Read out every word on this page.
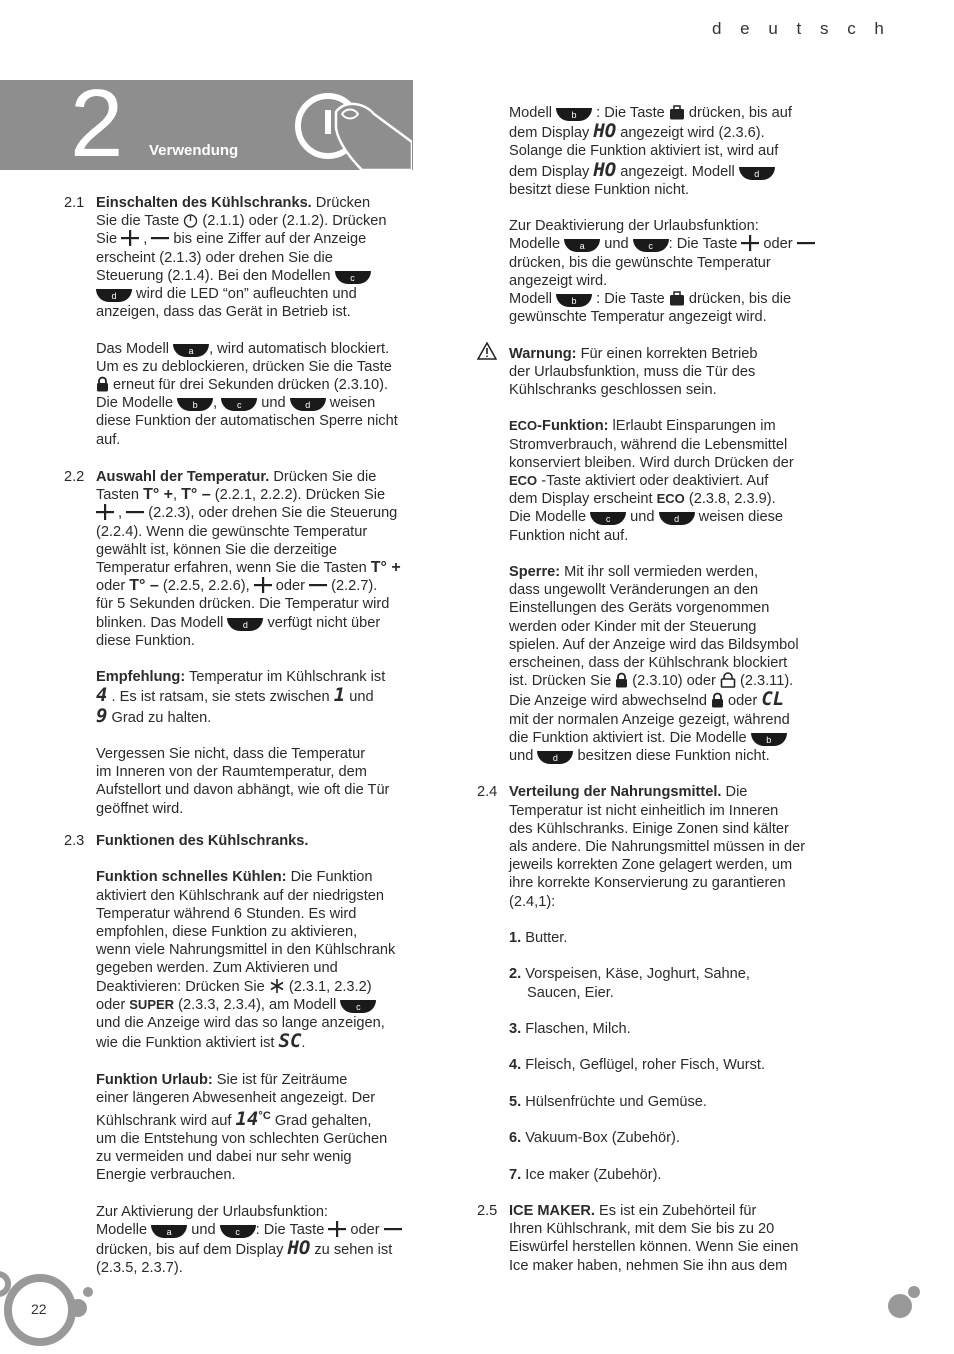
d e u t s c h
2 Verwendung
2.1 Einschalten des Kühlschranks. Drücken

Sie die Taste  (2.1.1) oder (2.1.2). Drücken

Sie  ,  bis eine Ziffer auf der Anzeige

erscheint (2.1.3) oder drehen Sie die

Steuerung (2.1.4). Bei den Modellen c

d wird die LED “on” aufleuchten und

anzeigen, dass das Gerät in Betrieb ist.

Das Modell a , wird automatisch blockiert.

Um es zu deblockieren, drücken Sie die Taste

erneut für drei Sekunden drücken (2.3.10).

Die Modelle b , c und d weisen

diese Funktion der automatischen Sperre nicht

auf.

2.2 Auswahl der Temperatur. Drücken Sie die

Tasten T° +, T° – (2.2.1, 2.2.2). Drücken Sie

,  (2.2.3), oder drehen Sie die Steuerung

(2.2.4). Wenn die gewünschte Temperatur

gewählt ist, können Sie die derzeitige

Temperatur erfahren, wenn Sie die Tasten T° +

oder T° – (2.2.5, 2.2.6),  oder  (2.2.7).

für 5 Sekunden drücken. Die Temperatur wird

blinken. Das Modell d verfügt nicht über

diese Funktion.

Empfehlung: Temperatur im Kühlschrank ist

4 . Es ist ratsam, sie stets zwischen 1 und

9 Grad zu halten.

Vergessen Sie nicht, dass die Temperatur

im Inneren von der Raumtemperatur, dem

Aufstellort und davon abhängt, wie oft die Tür

geöffnet wird.

2.3 Funktionen des Kühlschranks.

Funktion schnelles Kühlen: Die Funktion

aktiviert den Kühlschrank auf der niedrigsten

Temperatur während 6 Stunden. Es wird

empfohlen, diese Funktion zu aktivieren,

wenn viele Nahrungsmittel in den Kühlschrank

gegeben werden. Zum Aktivieren und

Deaktivieren: Drücken Sie  (2.3.1, 2.3.2)

oder SUPER (2.3.3, 2.3.4), am Modell c

und die Anzeige wird das so lange anzeigen,

wie die Funktion aktiviert ist SC.

Funktion Urlaub: Sie ist für Zeiträume

einer längeren Abwesenheit angezeigt. Der

Kühlschrank wird auf $14^{^\circ C}$ Grad gehalten,

um die Entstehung von schlechten Gerüchen

zu vermeiden und dabei nur sehr wenig

Energie verbrauchen.

Zur Aktivierung der Urlaubsfunktion:

Modelle a und c : Die Taste  oder

drücken, bis auf dem Display HO zu sehen ist

(2.3.5, 2.3.7).

Modell b : Die Taste  drücken, bis auf

dem Display HO angezeigt wird (2.3.6).

Solange die Funktion aktiviert ist, wird auf

dem Display HO angezeigt. Modell d

besitzt diese Funktion nicht.

Zur Deaktivierung der Urlaubsfunktion:

Modelle a und c : Die Taste  oder

drücken, bis die gewünschte Temperatur

angezeigt wird.

Modell b : Die Taste  drücken, bis die

gewünschte Temperatur angezeigt wird.

Warnung: Für einen korrekten Betrieb

der Urlaubsfunktion, muss die Tür des

Kühlschranks geschlossen sein.

ECO-Funktion: lErlaubt Einsparungen im

Stromverbrauch, während die Lebensmittel

konserviert bleiben. Wird durch Drücken der

ECO -Taste aktiviert oder deaktiviert. Auf

dem Display erscheint ECO (2.3.8, 2.3.9).

Die Modelle c und d weisen diese

Funktion nicht auf.

Sperre: Mit ihr soll vermieden werden,

dass ungewollt Veränderungen an den

Einstellungen des Geräts vorgenommen

werden oder Kinder mit der Steuerung

spielen. Auf der Anzeige wird das Bildsymbol

erscheinen, dass der Kühlschrank blockiert

ist. Drücken Sie  (2.3.10) oder  (2.3.11).

Die Anzeige wird abwechselnd  oder CL

mit der normalen Anzeige gezeigt, während

die Funktion aktiviert ist. Die Modelle b

und d besitzen diese Funktion nicht.

2.4 Verteilung der Nahrungsmittel. Die

Temperatur ist nicht einheitlich im Inneren

des Kühlschranks. Einige Zonen sind kälter

als andere. Die Nahrungsmittel müssen in der

jeweils korrekten Zone gelagert werden, um

ihre korrekte Konservierung zu garantieren

(2.4,1):

1. Butter.

2. Vorspeisen, Käse, Joghurt, Sahne,

Saucen, Eier.

3. Flaschen, Milch.

4. Fleisch, Geflügel, roher Fisch, Wurst.

5. Hülsenfrüchte und Gemüse.

6. Vakuum-Box (Zubehör).

7. Ice maker (Zubehör).

2.5 ICE MAKER. Es ist ein Zubehörteil für

Ihren Kühlschrank, mit dem Sie bis zu 20

Eiswürfel herstellen können. Wenn Sie einen

Ice maker haben, nehmen Sie ihn aus dem

22
